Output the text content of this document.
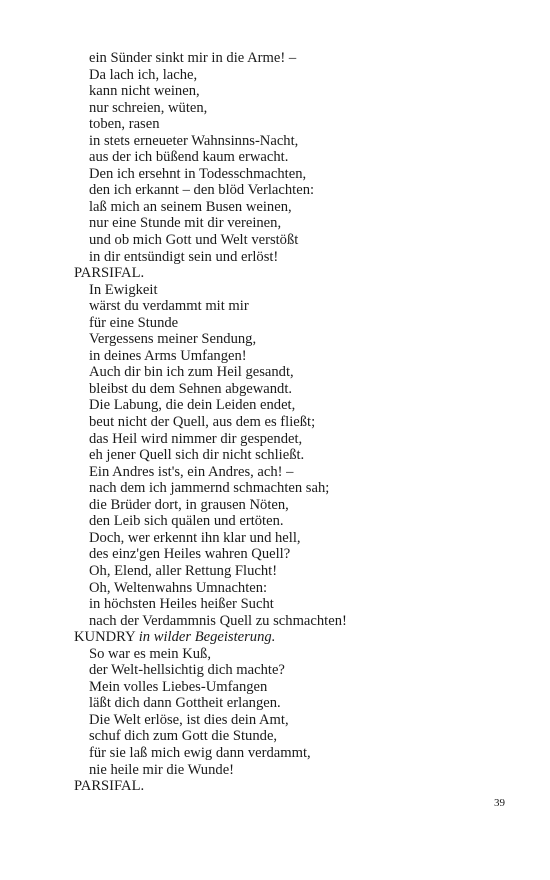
ein Sünder sinkt mir in die Arme! –
Da lach ich, lache,
kann nicht weinen,
nur schreien, wüten,
toben, rasen
in stets erneueter Wahnsinns-Nacht,
aus der ich büßend kaum erwacht.
Den ich ersehnt in Todesschmachten,
den ich erkannt – den blöd Verlachten:
laß mich an seinem Busen weinen,
nur eine Stunde mit dir vereinen,
und ob mich Gott und Welt verstößt
in dir entsündigt sein und erlöst!
PARSIFAL.
In Ewigkeit
wärst du verdammt mit mir
für eine Stunde
Vergessens meiner Sendung,
in deines Arms Umfangen!
Auch dir bin ich zum Heil gesandt,
bleibst du dem Sehnen abgewandt.
Die Labung, die dein Leiden endet,
beut nicht der Quell, aus dem es fließt;
das Heil wird nimmer dir gespendet,
eh jener Quell sich dir nicht schließt.
Ein Andres ist's, ein Andres, ach! –
nach dem ich jammernd schmachten sah;
die Brüder dort, in grausen Nöten,
den Leib sich quälen und ertöten.
Doch, wer erkennt ihn klar und hell,
des einz'gen Heiles wahren Quell?
Oh, Elend, aller Rettung Flucht!
Oh, Weltenwahns Umnachten:
in höchsten Heiles heißer Sucht
nach der Verdammnis Quell zu schmachten!
KUNDRY in wilder Begeisterung.
So war es mein Kuß,
der Welt-hellsichtig dich machte?
Mein volles Liebes-Umfangen
läßt dich dann Gottheit erlangen.
Die Welt erlöse, ist dies dein Amt,
schuf dich zum Gott die Stunde,
für sie laß mich ewig dann verdammt,
nie heile mir die Wunde!
PARSIFAL.
39
